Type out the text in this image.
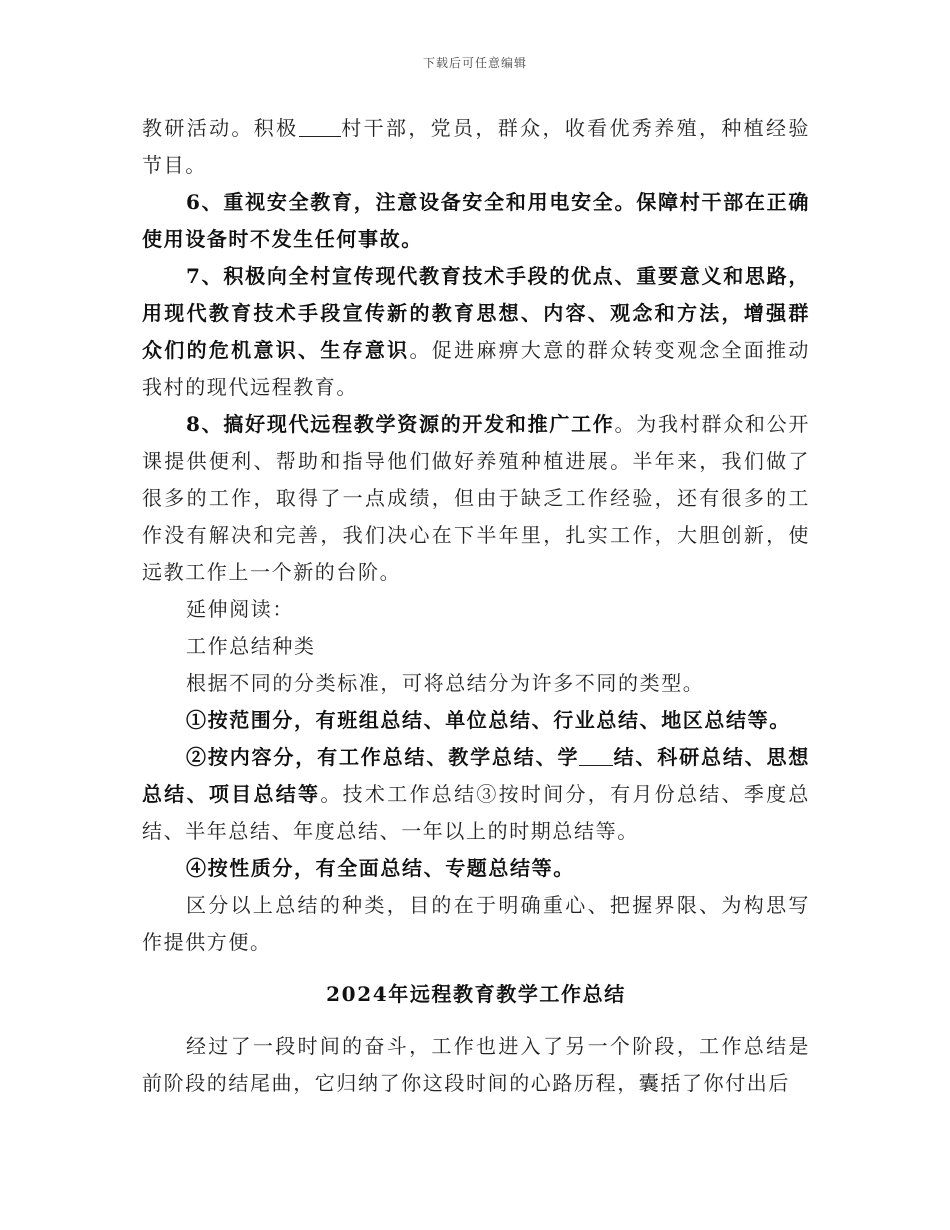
下载后可任意编辑

教研活动。积极 村干部，党员，群众，收看优秀养殖，种植经验节目。

6、重视安全教育，注意设备安全和用电安全。保障村干部在正确使用设备时不发生任何事故。

7、积极向全村宣传现代教育技术手段的优点、重要意义和思路，用现代教育技术手段宣传新的教育思想、内容、观念和方法，增强群众们的危机意识、生存意识。促进麻痹大意的群众转变观念全面推动我村的现代远程教育。

8、搞好现代远程教学资源的开发和推广工作。为我村群众和公开课提供便利、帮助和指导他们做好养殖种植进展。半年来，我们做了很多的工作，取得了一点成绩，但由于缺乏工作经验，还有很多的工作没有解决和完善，我们决心在下半年里，扎实工作，大胆创新，使远教工作上一个新的台阶。

延伸阅读：

工作总结种类

根据不同的分类标准，可将总结分为许多不同的类型。

①按范围分，有班组总结、单位总结、行业总结、地区总结等。

②按内容分，有工作总结、教学总结、学 结、科研总结、思想总结、项目总结等。技术工作总结③按时间分，有月份总结、季度总结、半年总结、年度总结、一年以上的时期总结等。

④按性质分，有全面总结、专题总结等。

区分以上总结的种类，目的在于明确重心、把握界限、为构思写作提供方便。

2024年远程教育教学工作总结

经过了一段时间的奋斗，工作也进入了另一个阶段，工作总结是前阶段的结尾曲，它归纳了你这段时间的心路历程，囊括了你付出后
